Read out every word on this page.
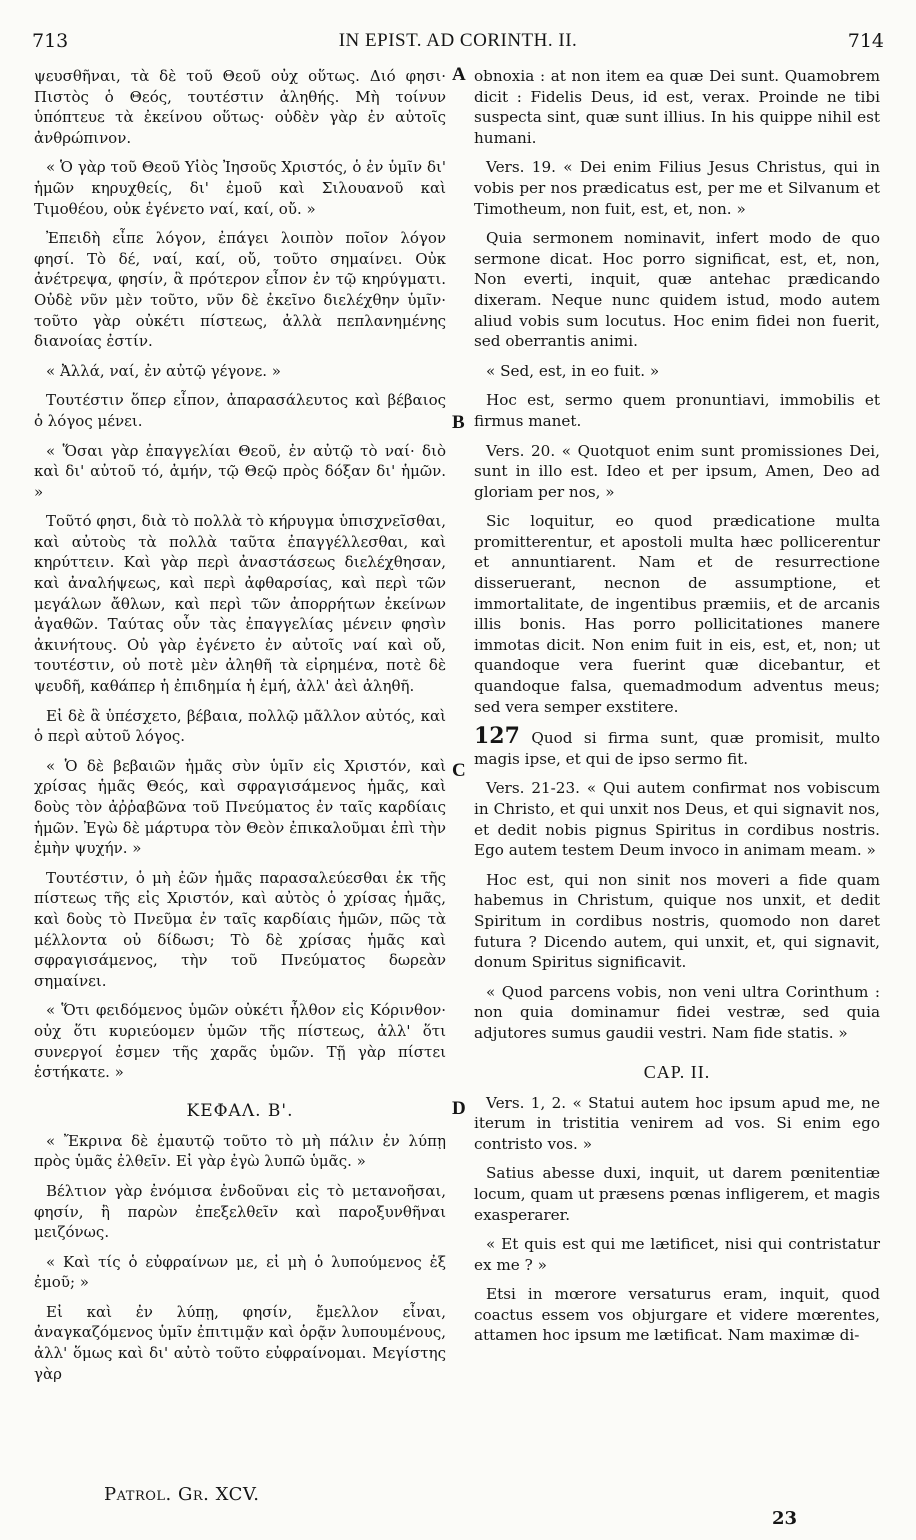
713	IN EPIST. AD CORINTH. II.	714

ψευσθῆναι, τὰ δὲ τοῦ Θεοῦ οὐχ οὕτως. Διό φησι· Πιστὸς ὁ Θεός, τουτέστιν ἀληθής. Μὴ τοίνυν ὑπόπτευε τὰ ἐκείνου οὕτως· οὐδὲν γὰρ ἐν αὐτοῖς ἀνθρώπινον.

« Ὁ γὰρ τοῦ Θεοῦ Υἱὸς Ἰησοῦς Χριστός, ὁ ἐν ὑμῖν δι' ἡμῶν κηρυχθείς, δι' ἐμοῦ καὶ Σιλουανοῦ καὶ Τιμοθέου, οὐκ ἐγένετο ναί, καί, οὔ. »

Ἐπειδὴ εἶπε λόγον, ἐπάγει λοιπὸν ποῖον λόγον φησί. Τὸ δέ, ναί, καί, οὔ, τοῦτο σημαίνει. Οὐκ ἀνέτρεψα, φησίν, ἃ πρότερον εἶπον ἐν τῷ κηρύγματι. Οὐδὲ νῦν μὲν τοῦτο, νῦν δὲ ἐκεῖνο διελέχθην ὑμῖν· τοῦτο γὰρ οὐκέτι πίστεως, ἀλλὰ πεπλανημένης διανοίας ἐστίν.

« Ἀλλά, ναί, ἐν αὐτῷ γέγονε. »

Τουτέστιν ὅπερ εἶπον, ἀπαρασάλευτος καὶ βέβαιος ὁ λόγος μένει.

« Ὅσαι γὰρ ἐπαγγελίαι Θεοῦ, ἐν αὐτῷ τὸ ναί· διὸ καὶ δι' αὐτοῦ τό, ἀμήν, τῷ Θεῷ πρὸς δόξαν δι' ἡμῶν. »

Τοῦτό φησι, διὰ τὸ πολλὰ τὸ κήρυγμα ὑπισχνεῖσθαι, καὶ αὐτοὺς τὰ πολλὰ ταῦτα ἐπαγγέλλεσθαι, καὶ κηρύττειν. Καὶ γὰρ περὶ ἀναστάσεως διελέχθησαν, καὶ ἀναλήψεως, καὶ περὶ ἀφθαρσίας, καὶ περὶ τῶν μεγάλων ἄθλων, καὶ περὶ τῶν ἀπορρήτων ἐκείνων ἀγαθῶν. Ταύτας οὖν τὰς ἐπαγγελίας μένειν φησὶν ἀκινήτους. Οὐ γὰρ ἐγένετο ἐν αὐτοῖς ναί καὶ οὔ, τουτέστιν, οὐ ποτὲ μὲν ἀληθῆ τὰ εἰρημένα, ποτὲ δὲ ψευδῆ, καθάπερ ἡ ἐπιδημία ἡ ἐμή, ἀλλ' ἀεὶ ἀληθῆ.

Εἰ δὲ ἃ ὑπέσχετο, βέβαια, πολλῷ μᾶλλον αὐτός, καὶ ὁ περὶ αὐτοῦ λόγος.

« Ὁ δὲ βεβαιῶν ἡμᾶς σὺν ὑμῖν εἰς Χριστόν, καὶ χρίσας ἡμᾶς Θεός, καὶ σφραγισάμενος ἡμᾶς, καὶ δοὺς τὸν ἀῤῥαβῶνα τοῦ Πνεύματος ἐν ταῖς καρδίαις ἡμῶν. Ἐγὼ δὲ μάρτυρα τὸν Θεὸν ἐπικαλοῦμαι ἐπὶ τὴν ἐμὴν ψυχήν. »

Τουτέστιν, ὁ μὴ ἐῶν ἡμᾶς παρασαλεύεσθαι ἐκ τῆς πίστεως τῆς εἰς Χριστόν, καὶ αὐτὸς ὁ χρίσας ἡμᾶς, καὶ δοὺς τὸ Πνεῦμα ἐν ταῖς καρδίαις ἡμῶν, πῶς τὰ μέλλοντα οὐ δίδωσι; Τὸ δὲ χρίσας ἡμᾶς καὶ σφραγισάμενος, τὴν τοῦ Πνεύματος δωρεὰν σημαίνει.

« Ὅτι φειδόμενος ὑμῶν οὐκέτι ἦλθον εἰς Κόρινθον· οὐχ ὅτι κυριεύομεν ὑμῶν τῆς πίστεως, ἀλλ' ὅτι συνεργοί ἐσμεν τῆς χαρᾶς ὑμῶν. Τῇ γὰρ πίστει ἑστήκατε. »

ΚΕΦΑΛ. Β'.

« Ἔκρινα δὲ ἐμαυτῷ τοῦτο τὸ μὴ πάλιν ἐν λύπῃ πρὸς ὑμᾶς ἐλθεῖν. Εἰ γὰρ ἐγὼ λυπῶ ὑμᾶς. »

Βέλτιον γὰρ ἐνόμισα ἐνδοῦναι εἰς τὸ μετανοῆσαι, φησίν, ἢ παρὼν ἐπεξελθεῖν καὶ παροξυνθῆναι μειζόνως.

« Καὶ τίς ὁ εὐφραίνων με, εἰ μὴ ὁ λυπούμενος ἐξ ἐμοῦ; »

Εἰ καὶ ἐν λύπῃ, φησίν, ἔμελλον εἶναι, ἀναγκαζόμενος ὑμῖν ἐπιτιμᾷν καὶ ὁρᾷν λυπουμένους, ἀλλ' ὅμως καὶ δι' αὐτὸ τοῦτο εὐφραίνομαι. Μεγίστης γὰρ

obnoxia : at non item ea quæ Dei sunt. Quamobrem dicit : Fidelis Deus, id est, verax. Proinde ne tibi suspecta sint, quæ sunt illius. In his quippe nihil est humani.

Vers. 19. « Dei enim Filius Jesus Christus, qui in vobis per nos prædicatus est, per me et Silvanum et Timotheum, non fuit, est, et, non. »

Quia sermonem nominavit, infert modo de quo sermone dicat. Hoc porro significat, est, et, non, Non everti, inquit, quæ antehac prædicando dixeram. Neque nunc quidem istud, modo autem aliud vobis sum locutus. Hoc enim fidei non fuerit, sed oberrantis animi.

« Sed, est, in eo fuit. »

Hoc est, sermo quem pronuntiavi, immobilis et firmus manet.

Vers. 20. « Quotquot enim sunt promissiones Dei, sunt in illo est. Ideo et per ipsum, Amen, Deo ad gloriam per nos, »

Sic loquitur, eo quod prædicatione multa promitterentur, et apostoli multa hæc pollicerentur et annuntiarent. Nam et de resurrectione disseruerant, necnon de assumptione, et immortalitate, de ingentibus præmiis, et de arcanis illis bonis. Has porro pollicitationes manere immotas dicit. Non enim fuit in eis, est, et, non; ut quandoque vera fuerint quæ dicebantur, et quandoque falsa, quemadmodum adventus meus; sed vera semper exstitere.

127 Quod si firma sunt, quæ promisit, multo magis ipse, et qui de ipso sermo fit.

Vers. 21-23. « Qui autem confirmat nos vobiscum in Christo, et qui unxit nos Deus, et qui signavit nos, et dedit nobis pignus Spiritus in cordibus nostris. Ego autem testem Deum invoco in animam meam. »

Hoc est, qui non sinit nos moveri a fide quam habemus in Christum, quique nos unxit, et dedit Spiritum in cordibus nostris, quomodo non daret futura ? Dicendo autem, qui unxit, et, qui signavit, donum Spiritus significavit.

« Quod parcens vobis, non veni ultra Corinthum : non quia dominamur fidei vestræ, sed quia adjutores sumus gaudii vestri. Nam fide statis. »

CAP. II.

Vers. 1, 2. « Statui autem hoc ipsum apud me, ne iterum in tristitia venirem ad vos. Si enim ego contristo vos. »

Satius abesse duxi, inquit, ut darem pœnitentiæ locum, quam ut præsens pœnas infligerem, et magis exasperarer.

« Et quis est qui me lætificet, nisi qui contristatur ex me ? »

Etsi in mœrore versaturus eram, inquit, quod coactus essem vos objurgare et videre mœrentes, attamen hoc ipsum me lætificat. Nam maximæ di-

A
B
C
D
Patrol. Gr. XCV.
23
